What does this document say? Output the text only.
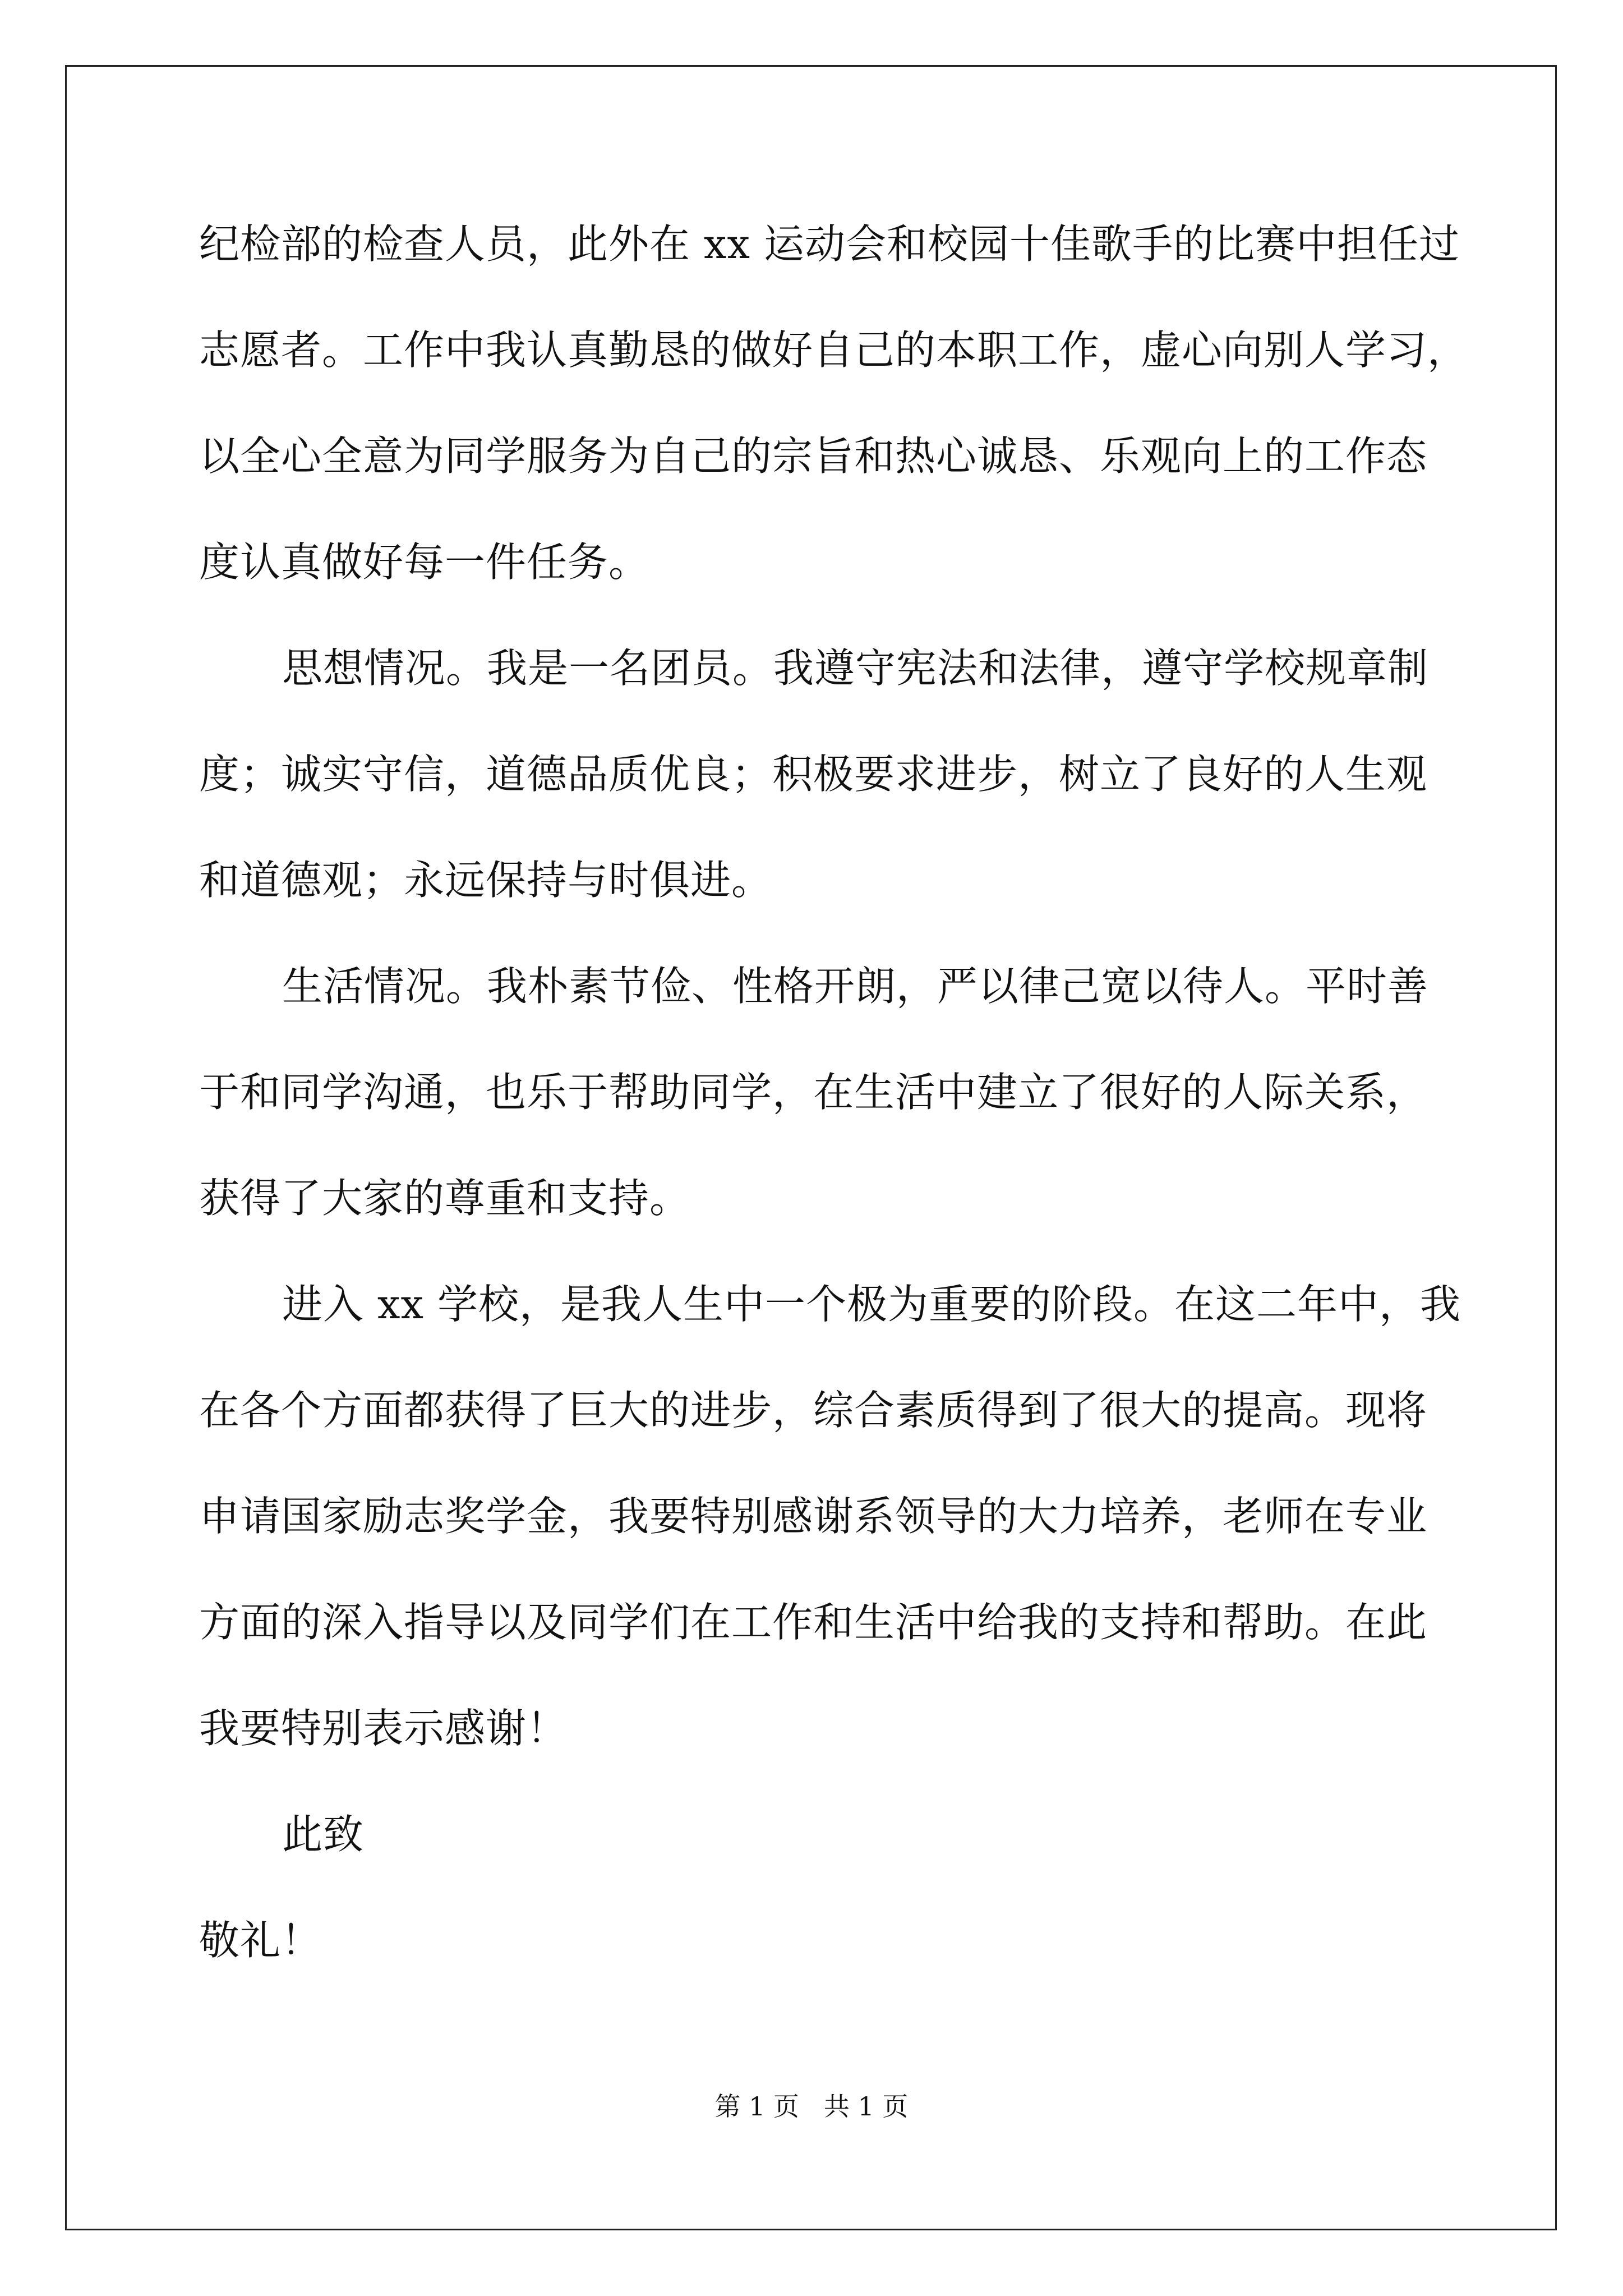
纪检部的检查人员，此外在 xx 运动会和校园十佳歌手的比赛中担任过
志愿者。工作中我认真勤恳的做好自己的本职工作，虚心向别人学习，
以全心全意为同学服务为自己的宗旨和热心诚恳、乐观向上的工作态
度认真做好每一件任务。
思想情况。我是一名团员。我遵守宪法和法律，遵守学校规章制
度；诚实守信，道德品质优良；积极要求进步，树立了良好的人生观
和道德观；永远保持与时俱进。
生活情况。我朴素节俭、性格开朗，严以律己宽以待人。平时善
于和同学沟通，也乐于帮助同学，在生活中建立了很好的人际关系，
获得了大家的尊重和支持。
进入 xx 学校，是我人生中一个极为重要的阶段。在这二年中，我
在各个方面都获得了巨大的进步，综合素质得到了很大的提高。现将
申请国家励志奖学金，我要特别感谢系领导的大力培养，老师在专业
方面的深入指导以及同学们在工作和生活中给我的支持和帮助。在此
我要特别表示感谢！
此致
敬礼！
第 1 页   共 1 页
